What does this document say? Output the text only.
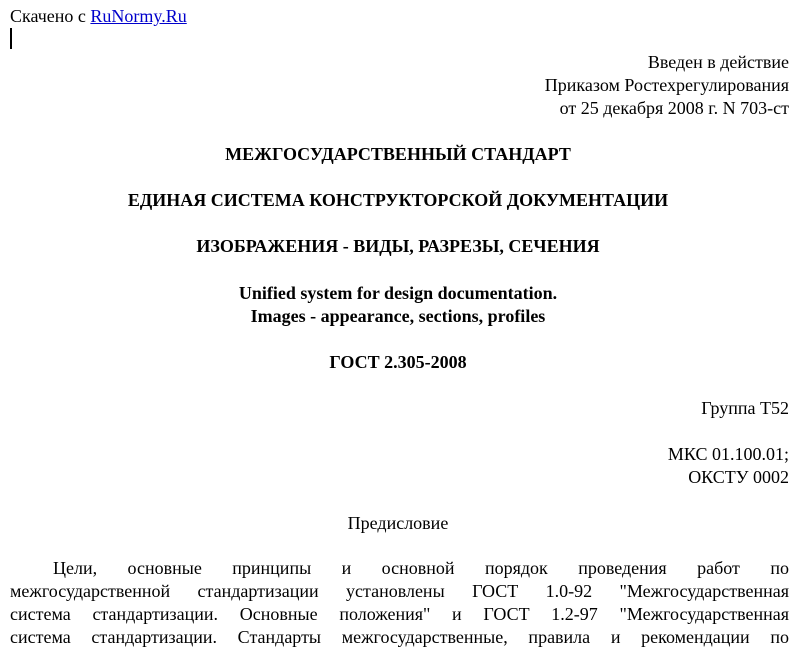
Скачено с RuNormy.Ru
Введен в действие
Приказом Ростехрегулирования
от 25 декабря 2008 г. N 703-ст
МЕЖГОСУДАРСТВЕННЫЙ СТАНДАРТ
ЕДИНАЯ СИСТЕМА КОНСТРУКТОРСКОЙ ДОКУМЕНТАЦИИ
ИЗОБРАЖЕНИЯ - ВИДЫ, РАЗРЕЗЫ, СЕЧЕНИЯ
Unified system for design documentation.
Images - appearance, sections, profiles
ГОСТ 2.305-2008
Группа Т52
МКС 01.100.01;
ОКСТУ 0002
Предисловие
Цели, основные принципы и основной порядок проведения работ по
межгосударственной стандартизации установлены ГОСТ 1.0-92 "Межгосударственная
система стандартизации. Основные положения" и ГОСТ 1.2-97 "Межгосударственная
система стандартизации. Стандарты межгосударственные, правила и рекомендации по
